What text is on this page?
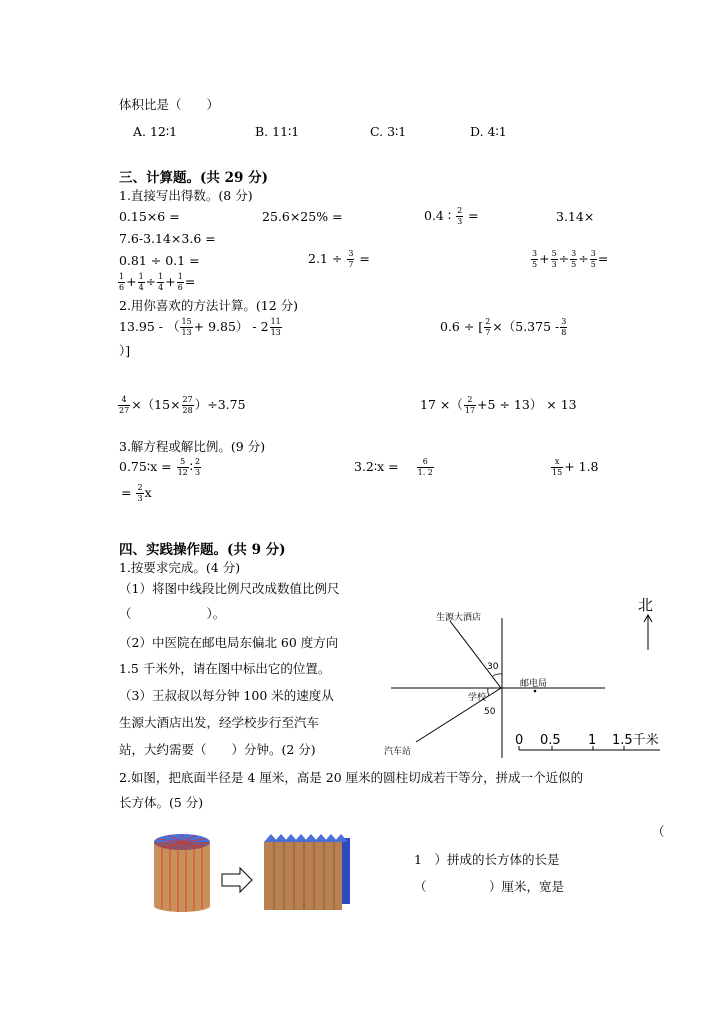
体积比是（　　）
A. 12∶1	B. 11∶1	C. 3∶1	D. 4∶1
三、计算题。(共 29 分)
1.直接写出得数。(8 分)
0.15×6 =	25.6×25% =	0.4 ∶ $\frac{2}{3}$ =	3.14×
7.6-3.14×3.6 =
0.81 ÷ 0.1 =	$2.1 \div \frac{3}{7}$ =	$\frac{3}{5} + \frac{5}{3} \div \frac{3}{5} \div \frac{3}{5}$ =
$\frac{1}{6} + \frac{1}{4} \div \frac{1}{4} + \frac{1}{6}$ =
2.用你喜欢的方法计算。(12 分)
13.95 - （ $\frac{15}{13} + 9.85) - 2 \frac{11}{13}$	0.6 ÷ [ $\frac{2}{7} \times(5.375 - \frac{3}{8}$
）]
$\frac{4}{27} \times(15\times \frac{27}{28} )\div 3.75$	17 ×（ $\frac{2}{17} +5 \div 13) \times 13$
3.解方程或解比例。(9 分)
0.75∶x = $\frac{5}{12}$ ∶ $\frac{2}{3}$	3.2∶x = $\frac{6}{1. 2}$	$\frac{x}{15} + 1.8$
= $\frac{2}{3}$ x
四、实践操作题。(共 9 分)
1.按要求完成。(4 分)
（1）将图中线段比例尺改成数值比例尺
（　　　　　　）。
（2）中医院在邮电局东偏北 60 度方向
1.5 千米外，请在图中标出它的位置。
（3）王叔叔以每分钟 100 米的速度从
生源大酒店出发，经学校步行至汽车
站，大约需要（　　）分钟。(2 分)
北
生源大酒店
汽车站
30
50
学校
邮电局
0 0.5 1 1.5千米
2.如图，把底面半径是 4 厘米，高是 20 厘米的圆柱切成若干等分，拼成一个近似的
长方体。(5 分)
（
1　）拼成的长方体的长是
（　　　　　）厘米，宽是
